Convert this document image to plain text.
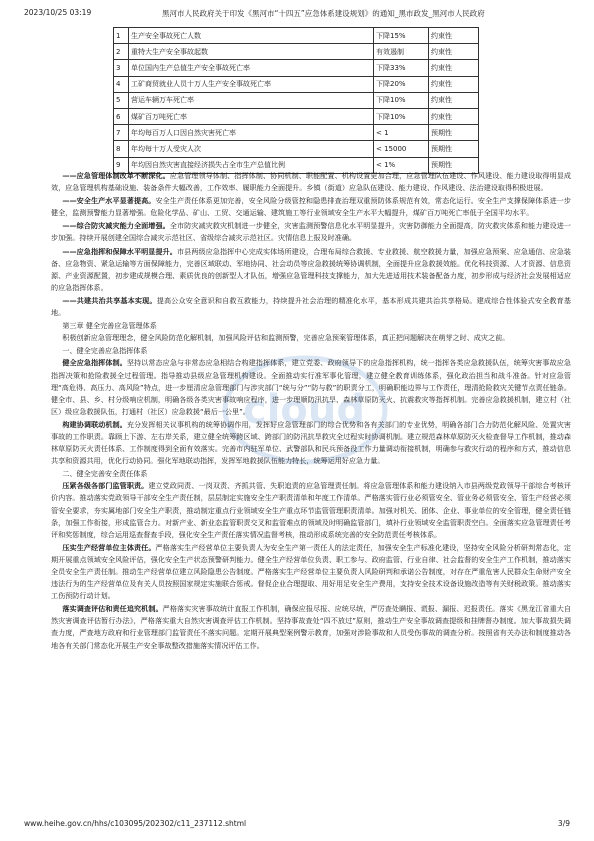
2023/10/25 03:19	黑河市人民政府关于印发《黑河市“十四五”应急体系建设规划》的通知_黑市政发_黑河市人民政府
1	生产安全事故死亡人数	下降15%	约束性
2	重特大生产安全事故起数	有效遏制	约束性
3	单位国内生产总值生产安全事故死亡率	下降33%	约束性
4	工矿商贸就业人员十万人生产安全事故死亡率	下降20%	约束性
5	营运车辆万车死亡率	下降10%	约束性
6	煤矿百万吨死亡率	下降10%	约束性
7	年均每百万人口因自然灾害死亡率	< 1	预期性
8	年均每十万人受灾人次	< 15000	预期性
9	年均因自然灾害直接经济损失占全市生产总值比例	< 1%	预期性
cloud

——应急管理体制改革不断深化。应急管理领导体制、指挥体制、协同机制、职能配置、机构设置更加合理，应急管理队伍建设、作风建设、能力建设取得明显成效，应急管理机构基础设施、装备条件大幅改善，工作效率、履职能力全面提升。乡镇（街道）应急队伍建设、能力建设、作风建设、法治建设取得积极进展。

——安全生产水平显著提高。安全生产责任体系更加完善，安全风险分级管控和隐患排查治理双重预防体系规范有效，常态化运行。安全生产支撑保障体系进一步健全，监测预警能力显著增强。危险化学品、矿山、工贸、交通运输、建筑施工等行业领域安全生产水平大幅提升，煤矿百万吨死亡率低于全国平均水平。

——综合防灾减灾能力全面增强。全市防灾减灾救灾机制进一步健全，灾害监测预警信息化水平明显提升，灾害防御能力全面提高，防灾救灾体系和能力建设进一步加强。持续开展创建全国综合减灾示范社区、省级综合减灾示范社区。灾情信息上报及时准确。

——应急指挥和保障水平明显提升。市县两级应急指挥中心完成实体场所建设，合理布局综合救援、专业救援、航空救援力量，加强应急预案、应急通信、应急装备、应急物资、紧急运输等方面保障能力，完善区域联动、军地协同、社会动员等应急救援统筹协调机制，全面提升应急救援效能。优化科技资源、人才资源、信息资源、产业资源配置，初步建成规模合理、素质优良的创新型人才队伍，增强应急管理科技支撑能力，加大先进适用技术装备配备力度，初步形成与经济社会发展相适应的应急指挥体系。

——共建共治共享基本实现。提高公众安全意识和自救互救能力，持续提升社会治理的精准化水平，基本形成共建共治共享格局。建成综合性体验式安全教育基地。

第三章 健全完善应急管理体系

积极创新应急管理理念，健全风险防范化解机制，加强风险评估和监测预警，完善应急预案管理体系，真正把问题解决在萌芽之时、成灾之前。

一、健全完善应急指挥体系

健全应急指挥体制。坚持以常态应急与非常态应急相结合构建指挥体系，建立党委、政府领导下的应急指挥机构，统一指挥各类应急救援队伍，统筹灾害事故应急指挥决策和抢险救援全过程管理。指导推动县级应急管理机构建设。全面推动实行准军事化管理，建立健全教育训练体系，强化政治担当和战斗准备。针对应急管理“高危得、高压力、高风险”特点，进一步厘清应急管理部门与涉灾部门“统与分”“防与救”的职责分工，明确职能边界与工作责任，理清抢险救灾关键节点责任链条。健全市、县、乡、村分级响应机制，明确各级各类灾害事故响应程序，进一步理顺防汛抗旱、森林草原防灭火、抗震救灾等指挥机制。完善应急救援机制，建立村（社区）级应急救援队伍，打通村（社区）应急救援“最后一公里”。

构建协调联动机制。充分发挥相关议事机构的统筹协调作用，发挥好应急管理部门的综合优势和各有关部门的专业优势，明确各部门合力防范化解风险、处置灾害事故的工作职责。靠顾上下游、左右岸关系，建立健全统筹跨区域、跨部门的防汛抗旱救灾全过程实时协调机制。建立规范森林草原防灭火检查督导工作机制，推动森林草原防灭火责任体系、工作制度得到全面有效落实。完善市内驻军单位、武警部队和民兵预备役工作力量调动衔接机制，明确参与救灾行动的程序和方式，推动信息共享和资源共用，优化行动协同。强化军地联动指挥，发挥军地救援队伍能力特长，统筹运用好应急力量。

二、健全完善安全责任体系

压紧各级各部门监管职责。建立党政同责、一岗双责、齐抓共管、失职追责的应急管理责任制。将应急管理体系和能力建设纳入市县两级党政领导干部综合考核评价内容。推动落实党政领导干部安全生产责任制，层层制定实施安全生产职责清单和年度工作清单。严格落实管行业必须管安全、管业务必须管安全、管生产经营必须管安全要求，夯实属地部门安全生产职责，推动制定重点行业领域安全生产重点环节监管管理职责清单。加强对机关、团体、企业、事业单位的安全管理，健全责任链条，加强工作衔接，形成监管合力。对新产业、新业态监管职责交叉和监管难点的领域及时明确监管部门，填补行业领域安全监管职责空白。全面落实应急管理责任考评和奖惩制度，综合运用巡查督查手段，强化安全生产责任落实情况监督考核，推动形成系统完善的安全防范责任考核体系。

压实生产经营单位主体责任。严格落实生产经营单位主要负责人为安全生产第一责任人的法定责任，加强安全生产标准化建设，坚持安全风险分析研判常态化，定期开展重点领域安全风险评估，强化安全生产状态预警研判能力。健全生产经营单位负责、职工参与、政府监管、行业自律、社会监督的安全生产工作机制，推动落实全员安全生产责任制。推动生产经营单位建立风险隐患公告制度。严格落实生产经营单位主要负责人风险研判和承诺公告制度，对存在严重危害人民群众生命财产安全违法行为的生产经营单位及有关人员按照国家规定实施联合惩戒。督促企业合理提取、用好用足安全生产费用，支持安全技术设备设施改造等有关财税政策。推动落实工伤预防行动计划。

落实调查评估和责任追究机制。严格落实灾害事故统计直报工作机制，确保应报尽报、应统尽统，严厉查处瞒报、谎报、漏报、迟报责任。落实《黑龙江省重大自然灾害调查评估暂行办法》，严格落实重大自然灾害调查评估工作机制。坚持事故查处“四不放过”原则，推动生产安全事故调查提级和挂牌督办制度。加大事故损失调查力度，严查地方政府和行业管理部门监管责任不落实问题。定期开展典型案例警示教育，加强对涉险事故和人员受伤事故的调查分析。按照省有关办法和制度推动各地各有关部门常态化开展生产安全事故整改措施落实情况评估工作。

www.heihe.gov.cn/hhs/c103095/202302/c11_237112.shtml	3/9
